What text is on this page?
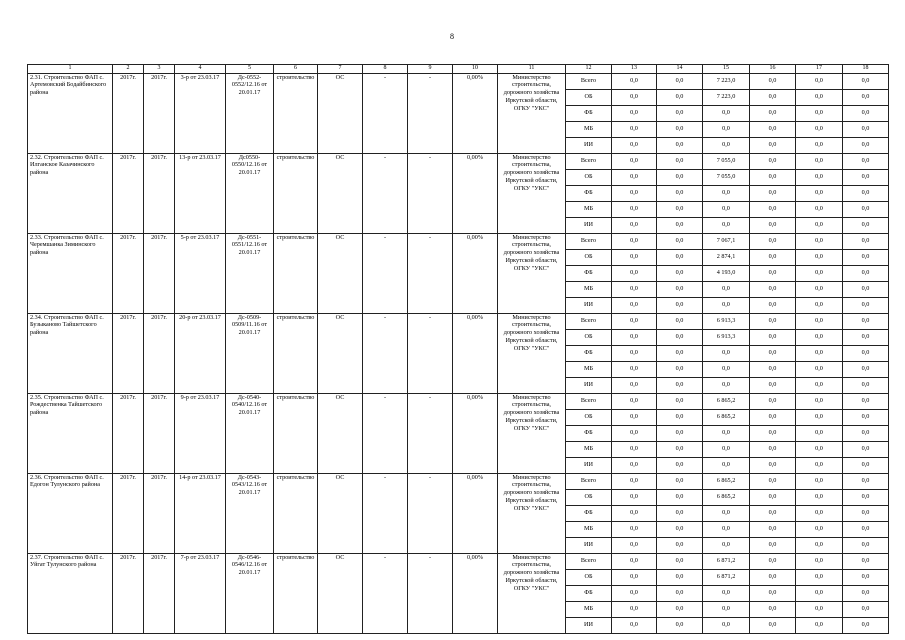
8
1	2	3	4	5	6	7	8	9	10	11	12	13	14	15	16	17	18
2.31. Строительство ФАП с. Артемовский Бодайбинского района	2017г.	2017г.	3-р от 23.03.17	Дс-0552-0552/12.16 от 20.01.17	строительство	ОС	-	-	0,00%	Министерство строительства, дорожного хозяйства Иркутской области, ОГКУ "УКС"	Всего	0,0	0,0	7 223,0	0,0	0,0	0,0
											ОБ	0,0	0,0	7 223,0	0,0	0,0	0,0
											ФБ	0,0	0,0	0,0	0,0	0,0	0,0
											МБ	0,0	0,0	0,0	0,0	0,0	0,0
											ИИ	0,0	0,0	0,0	0,0	0,0	0,0
2.32. Строительство ФАП с. Илганское Казачинского района	2017г.	2017г.	13-р от 23.03.17	Дс0550-0550/12.16 от 20.01.17	строительство	ОС	-	-	0,00%	Министерство строительства, дорожного хозяйства Иркутской области, ОГКУ "УКС"	Всего	0,0	0,0	7 055,0	0,0	0,0	0,0
											ОБ	0,0	0,0	7 055,0	0,0	0,0	0,0
											ФБ	0,0	0,0	0,0	0,0	0,0	0,0
											МБ	0,0	0,0	0,0	0,0	0,0	0,0
											ИИ	0,0	0,0	0,0	0,0	0,0	0,0
2.33. Строительство ФАП с. Черемшанка Зиминского района	2017г.	2017г.	5-р от 23.03.17	Дс-0551-0551/12.16 от 20.01.17	строительство	ОС	-	-	0,00%	Министерство строительства, дорожного хозяйства Иркутской области, ОГКУ "УКС"	Всего	0,0	0,0	7 067,1	0,0	0,0	0,0
											ОБ	0,0	0,0	2 874,1	0,0	0,0	0,0
											ФБ	0,0	0,0	4 193,0	0,0	0,0	0,0
											МБ	0,0	0,0	0,0	0,0	0,0	0,0
											ИИ	0,0	0,0	0,0	0,0	0,0	0,0
2.34. Строительство ФАП с. Бузыканово Тайшетского района	2017г.	2017г.	20-р от 23.03.17	Дс-0509-0509/11.16 от 20.01.17	строительство	ОС	-	-	0,00%	Министерство строительства, дорожного хозяйства Иркутской области, ОГКУ "УКС"	Всего	0,0	0,0	6 913,3	0,0	0,0	0,0
											ОБ	0,0	0,0	6 913,3	0,0	0,0	0,0
											ФБ	0,0	0,0	0,0	0,0	0,0	0,0
											МБ	0,0	0,0	0,0	0,0	0,0	0,0
											ИИ	0,0	0,0	0,0	0,0	0,0	0,0
2.35. Строительство ФАП с. Рождественка Тайшетского района	2017г.	2017г.	9-р от 23.03.17	Дс-0540-0540/12.16 от 20.01.17	строительство	ОС	-	-	0,00%	Министерство строительства, дорожного хозяйства Иркутской области, ОГКУ "УКС"	Всего	0,0	0,0	6 865,2	0,0	0,0	0,0
											ОБ	0,0	0,0	6 865,2	0,0	0,0	0,0
											ФБ	0,0	0,0	0,0	0,0	0,0	0,0
											МБ	0,0	0,0	0,0	0,0	0,0	0,0
											ИИ	0,0	0,0	0,0	0,0	0,0	0,0
2.36. Строительство ФАП с. Едогон Тулунского района	2017г.	2017г.	14-р от 23.03.17	Дс-0543-0543/12.16 от 20.01.17	строительство	ОС	-	-	0,00%	Министерство строительства, дорожного хозяйства Иркутской области, ОГКУ "УКС"	Всего	0,0	0,0	6 865,2	0,0	0,0	0,0
											ОБ	0,0	0,0	6 865,2	0,0	0,0	0,0
											ФБ	0,0	0,0	0,0	0,0	0,0	0,0
											МБ	0,0	0,0	0,0	0,0	0,0	0,0
											ИИ	0,0	0,0	0,0	0,0	0,0	0,0
2.37. Строительство ФАП с. Уйгат Тулунского района	2017г.	2017г.	7-р от 23.03.17	Дс-0546-0546/12.16 от 20.01.17	строительство	ОС	-	-	0,00%	Министерство строительства, дорожного хозяйства Иркутской области, ОГКУ "УКС"	Всего	0,0	0,0	6 871,2	0,0	0,0	0,0
											ОБ	0,0	0,0	6 871,2	0,0	0,0	0,0
											ФБ	0,0	0,0	0,0	0,0	0,0	0,0
											МБ	0,0	0,0	0,0	0,0	0,0	0,0
											ИИ	0,0	0,0	0,0	0,0	0,0	0,0
